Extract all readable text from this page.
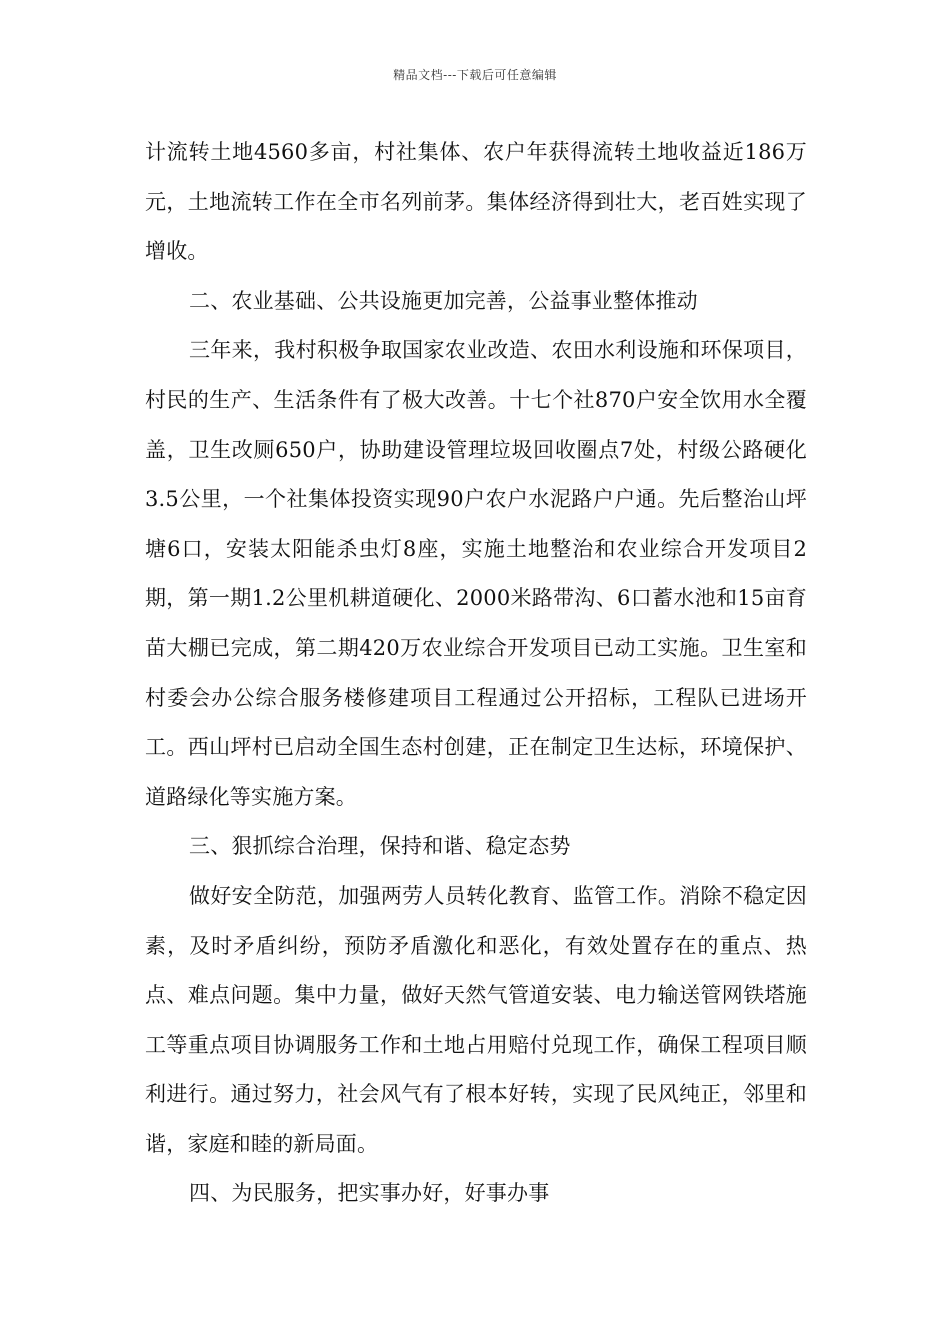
精品文档---下载后可任意编辑

计流转土地4560多亩，村社集体、农户年获得流转土地收益近186万元，土地流转工作在全市名列前茅。集体经济得到壮大，老百姓实现了增收。

二、农业基础、公共设施更加完善，公益事业整体推动

三年来，我村积极争取国家农业改造、农田水利设施和环保项目，村民的生产、生活条件有了极大改善。十七个社870户安全饮用水全覆盖，卫生改厕650户，协助建设管理垃圾回收圈点7处，村级公路硬化3.5公里，一个社集体投资实现90户农户水泥路户户通。先后整治山坪塘6口，安装太阳能杀虫灯8座，实施土地整治和农业综合开发项目2期，第一期1.2公里机耕道硬化、2000米路带沟、6口蓄水池和15亩育苗大棚已完成，第二期420万农业综合开发项目已动工实施。卫生室和村委会办公综合服务楼修建项目工程通过公开招标，工程队已进场开工。西山坪村已启动全国生态村创建，正在制定卫生达标，环境保护、道路绿化等实施方案。

三、狠抓综合治理，保持和谐、稳定态势

做好安全防范，加强两劳人员转化教育、监管工作。消除不稳定因素，及时矛盾纠纷，预防矛盾激化和恶化，有效处置存在的重点、热点、难点问题。集中力量，做好天然气管道安装、电力输送管网铁塔施工等重点项目协调服务工作和土地占用赔付兑现工作，确保工程项目顺利进行。通过努力，社会风气有了根本好转，实现了民风纯正，邻里和谐，家庭和睦的新局面。

四、为民服务，把实事办好，好事办事
